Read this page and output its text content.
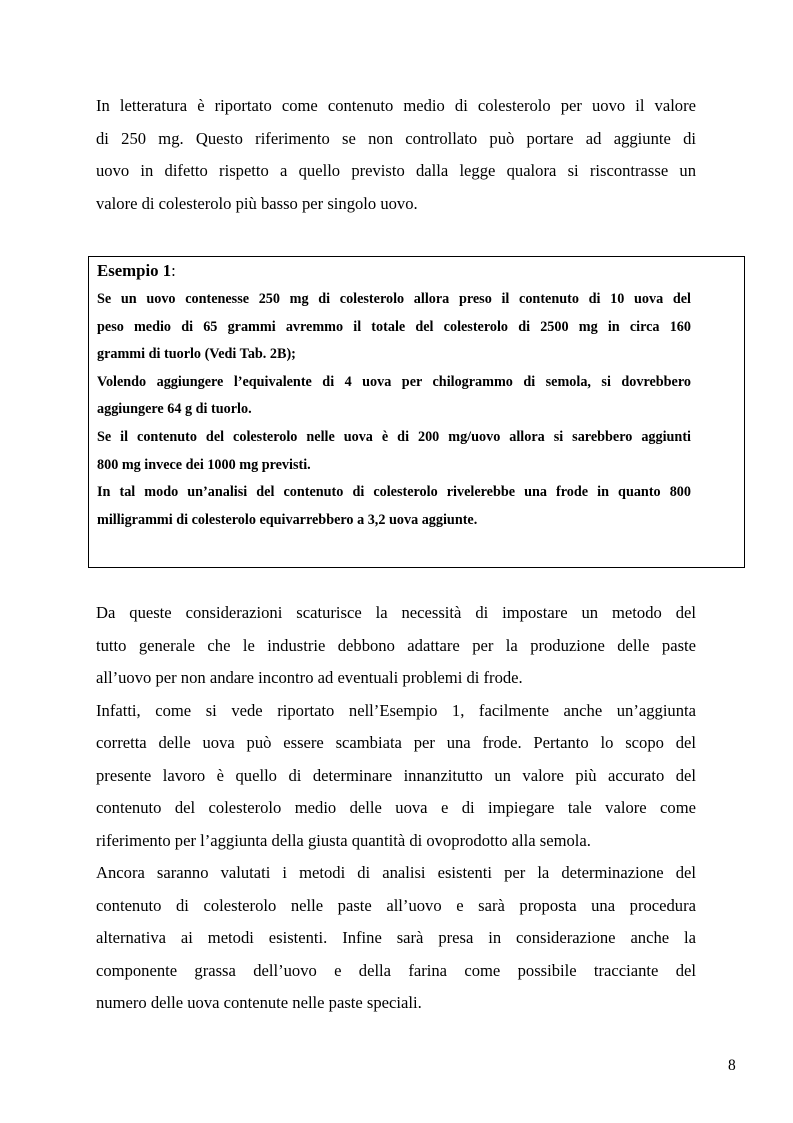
In letteratura è riportato come contenuto medio di colesterolo per uovo il valore
di 250 mg. Questo riferimento se non controllato può portare ad aggiunte di
uovo in difetto rispetto a quello previsto dalla legge qualora si riscontrasse un
valore di colesterolo più basso per singolo uovo.
Esempio 1:
Se un uovo contenesse 250 mg di colesterolo allora preso il contenuto di 10 uova del
peso medio di 65 grammi avremmo il totale del colesterolo di 2500 mg in circa 160
grammi di tuorlo (Vedi Tab. 2B);
Volendo aggiungere l’equivalente di 4 uova per chilogrammo di semola, si dovrebbero
aggiungere 64 g di tuorlo.
Se il contenuto del colesterolo nelle uova è di 200 mg/uovo allora si sarebbero aggiunti
800 mg invece dei 1000 mg previsti.
In tal modo un’analisi del contenuto di colesterolo rivelerebbe una frode in quanto 800
milligrammi di colesterolo equivarrebbero a 3,2 uova aggiunte.
Da queste considerazioni scaturisce la necessità di impostare un metodo del
tutto generale che le industrie debbono adattare per la produzione delle paste
all’uovo per non andare incontro ad eventuali problemi di frode.
Infatti, come si vede riportato nell’Esempio 1, facilmente anche un’aggiunta
corretta delle uova può essere scambiata per una frode. Pertanto lo scopo del
presente lavoro è quello di determinare innanzitutto un valore più accurato del
contenuto del colesterolo medio delle uova e di impiegare tale valore come
riferimento per l’aggiunta della giusta quantità di ovoprodotto alla semola.
Ancora saranno valutati i metodi di analisi esistenti per la determinazione del
contenuto di colesterolo nelle paste all’uovo e sarà proposta una procedura
alternativa ai metodi esistenti. Infine sarà presa in considerazione anche la
componente grassa dell’uovo e della farina come possibile tracciante del
numero delle uova contenute nelle paste speciali.
8
